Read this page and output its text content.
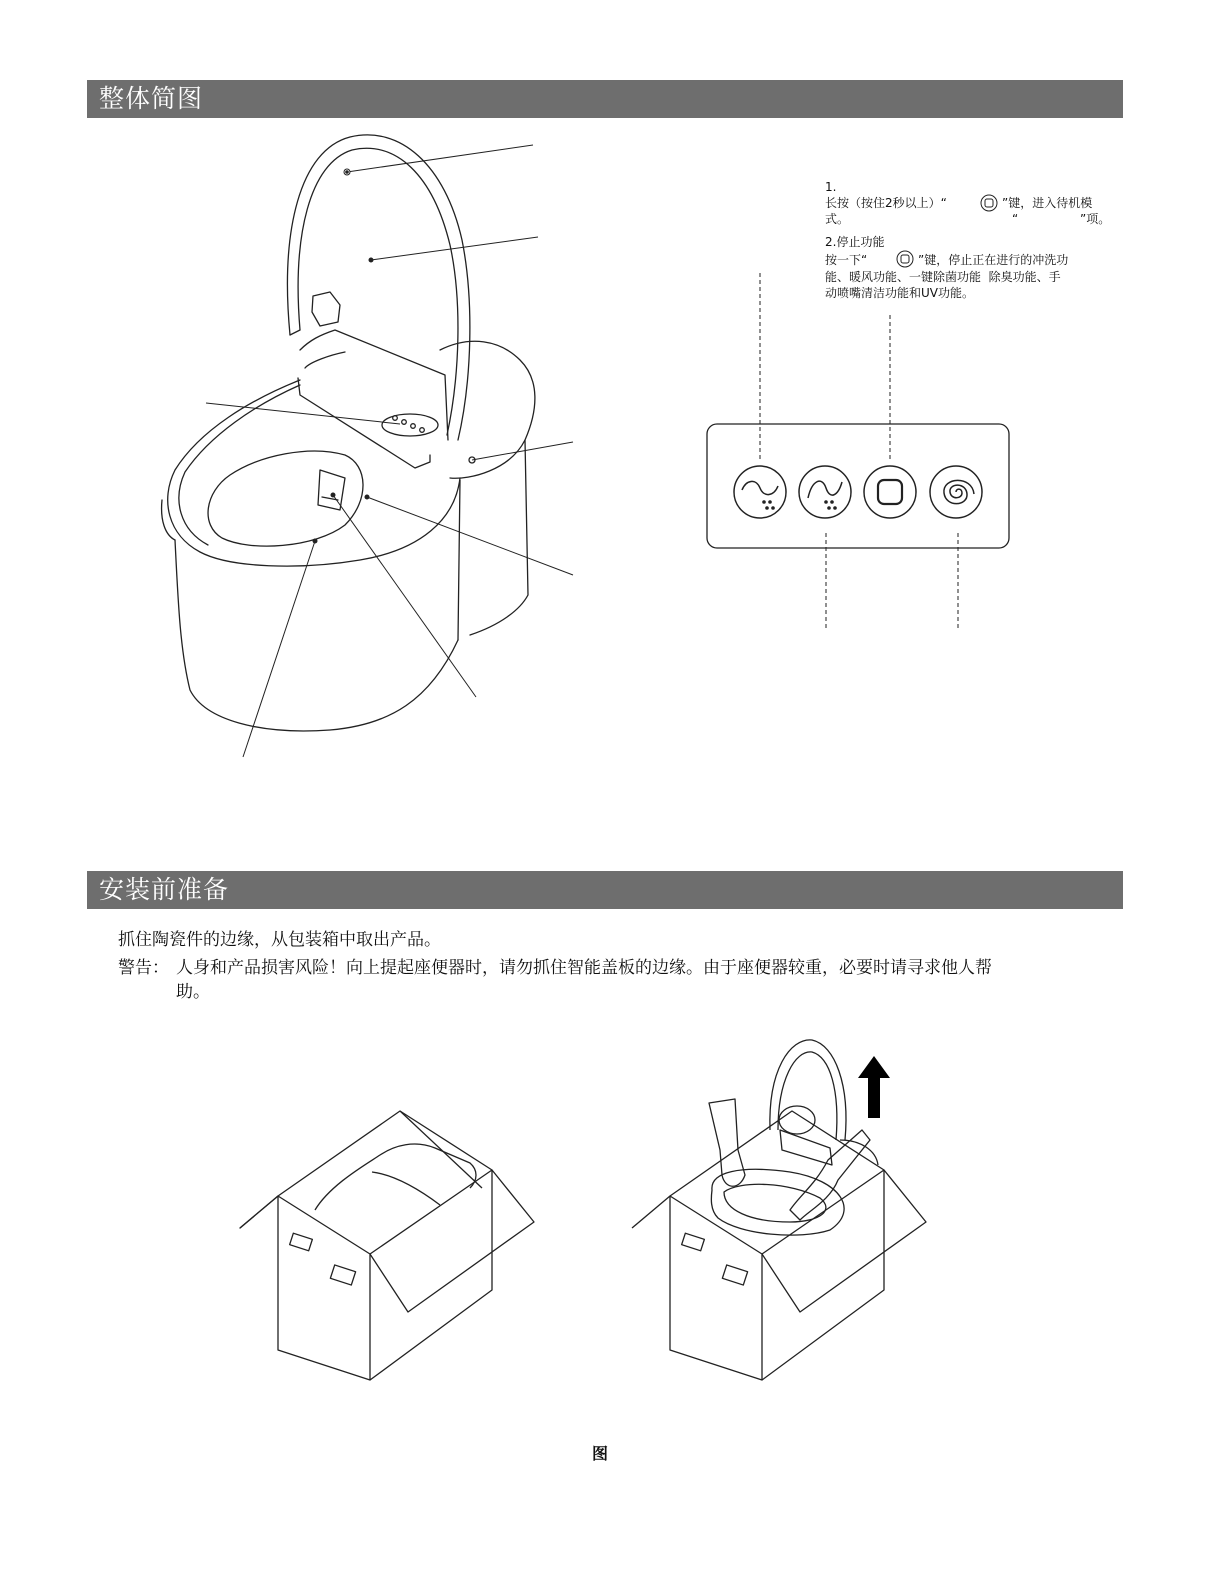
整体简图
安装前准备
1.
长按（按住2秒以上）“	”键，进入待机模
式。	“	”项。
2.停止功能
按一下“	”键，停止正在进行的冲洗功
能、暖风功能、一键除菌功能  除臭功能、手
动喷嘴清洁功能和UV功能。
抓住陶瓷件的边缘，从包装箱中取出产品。
警告： 人身和产品损害风险！向上提起座便器时，请勿抓住智能盖板的边缘。由于座便器较重，必要时请寻求他人帮
助。
图
